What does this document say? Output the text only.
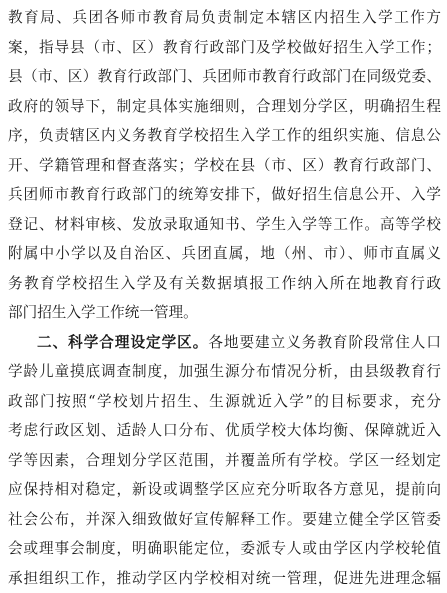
教育局、兵团各师市教育局负责制定本辖区内招生入学工作方
案，指导县（市、区）教育行政部门及学校做好招生入学工作；
县（市、区）教育行政部门、兵团师市教育行政部门在同级党委、
政府的领导下，制定具体实施细则，合理划分学区，明确招生程
序，负责辖区内义务教育学校招生入学工作的组织实施、信息公
开、学籍管理和督查落实；学校在县（市、区）教育行政部门、
兵团师市教育行政部门的统筹安排下，做好招生信息公开、入学
登记、材料审核、发放录取通知书、学生入学等工作。高等学校
附属中小学以及自治区、兵团直属，地（州、市）、师市直属义
务教育学校招生入学及有关数据填报工作纳入所在地教育行政
部门招生入学工作统一管理。
二、科学合理设定学区。各地要建立义务教育阶段常住人口
学龄儿童摸底调查制度，加强生源分布情况分析，由县级教育行
政部门按照“学校划片招生、生源就近入学”的目标要求，充分
考虑行政区划、适龄人口分布、优质学校大体均衡、保障就近入
学等因素，合理划分学区范围，并覆盖所有学校。学区一经划定
应保持相对稳定，新设或调整学区应充分听取各方意见，提前向
社会公布，并深入细致做好宣传解释工作。要建立健全学区管委
会或理事会制度，明确职能定位，委派专人或由学区内学校轮值
承担组织工作，推动学区内学校相对统一管理，促进先进理念辐
